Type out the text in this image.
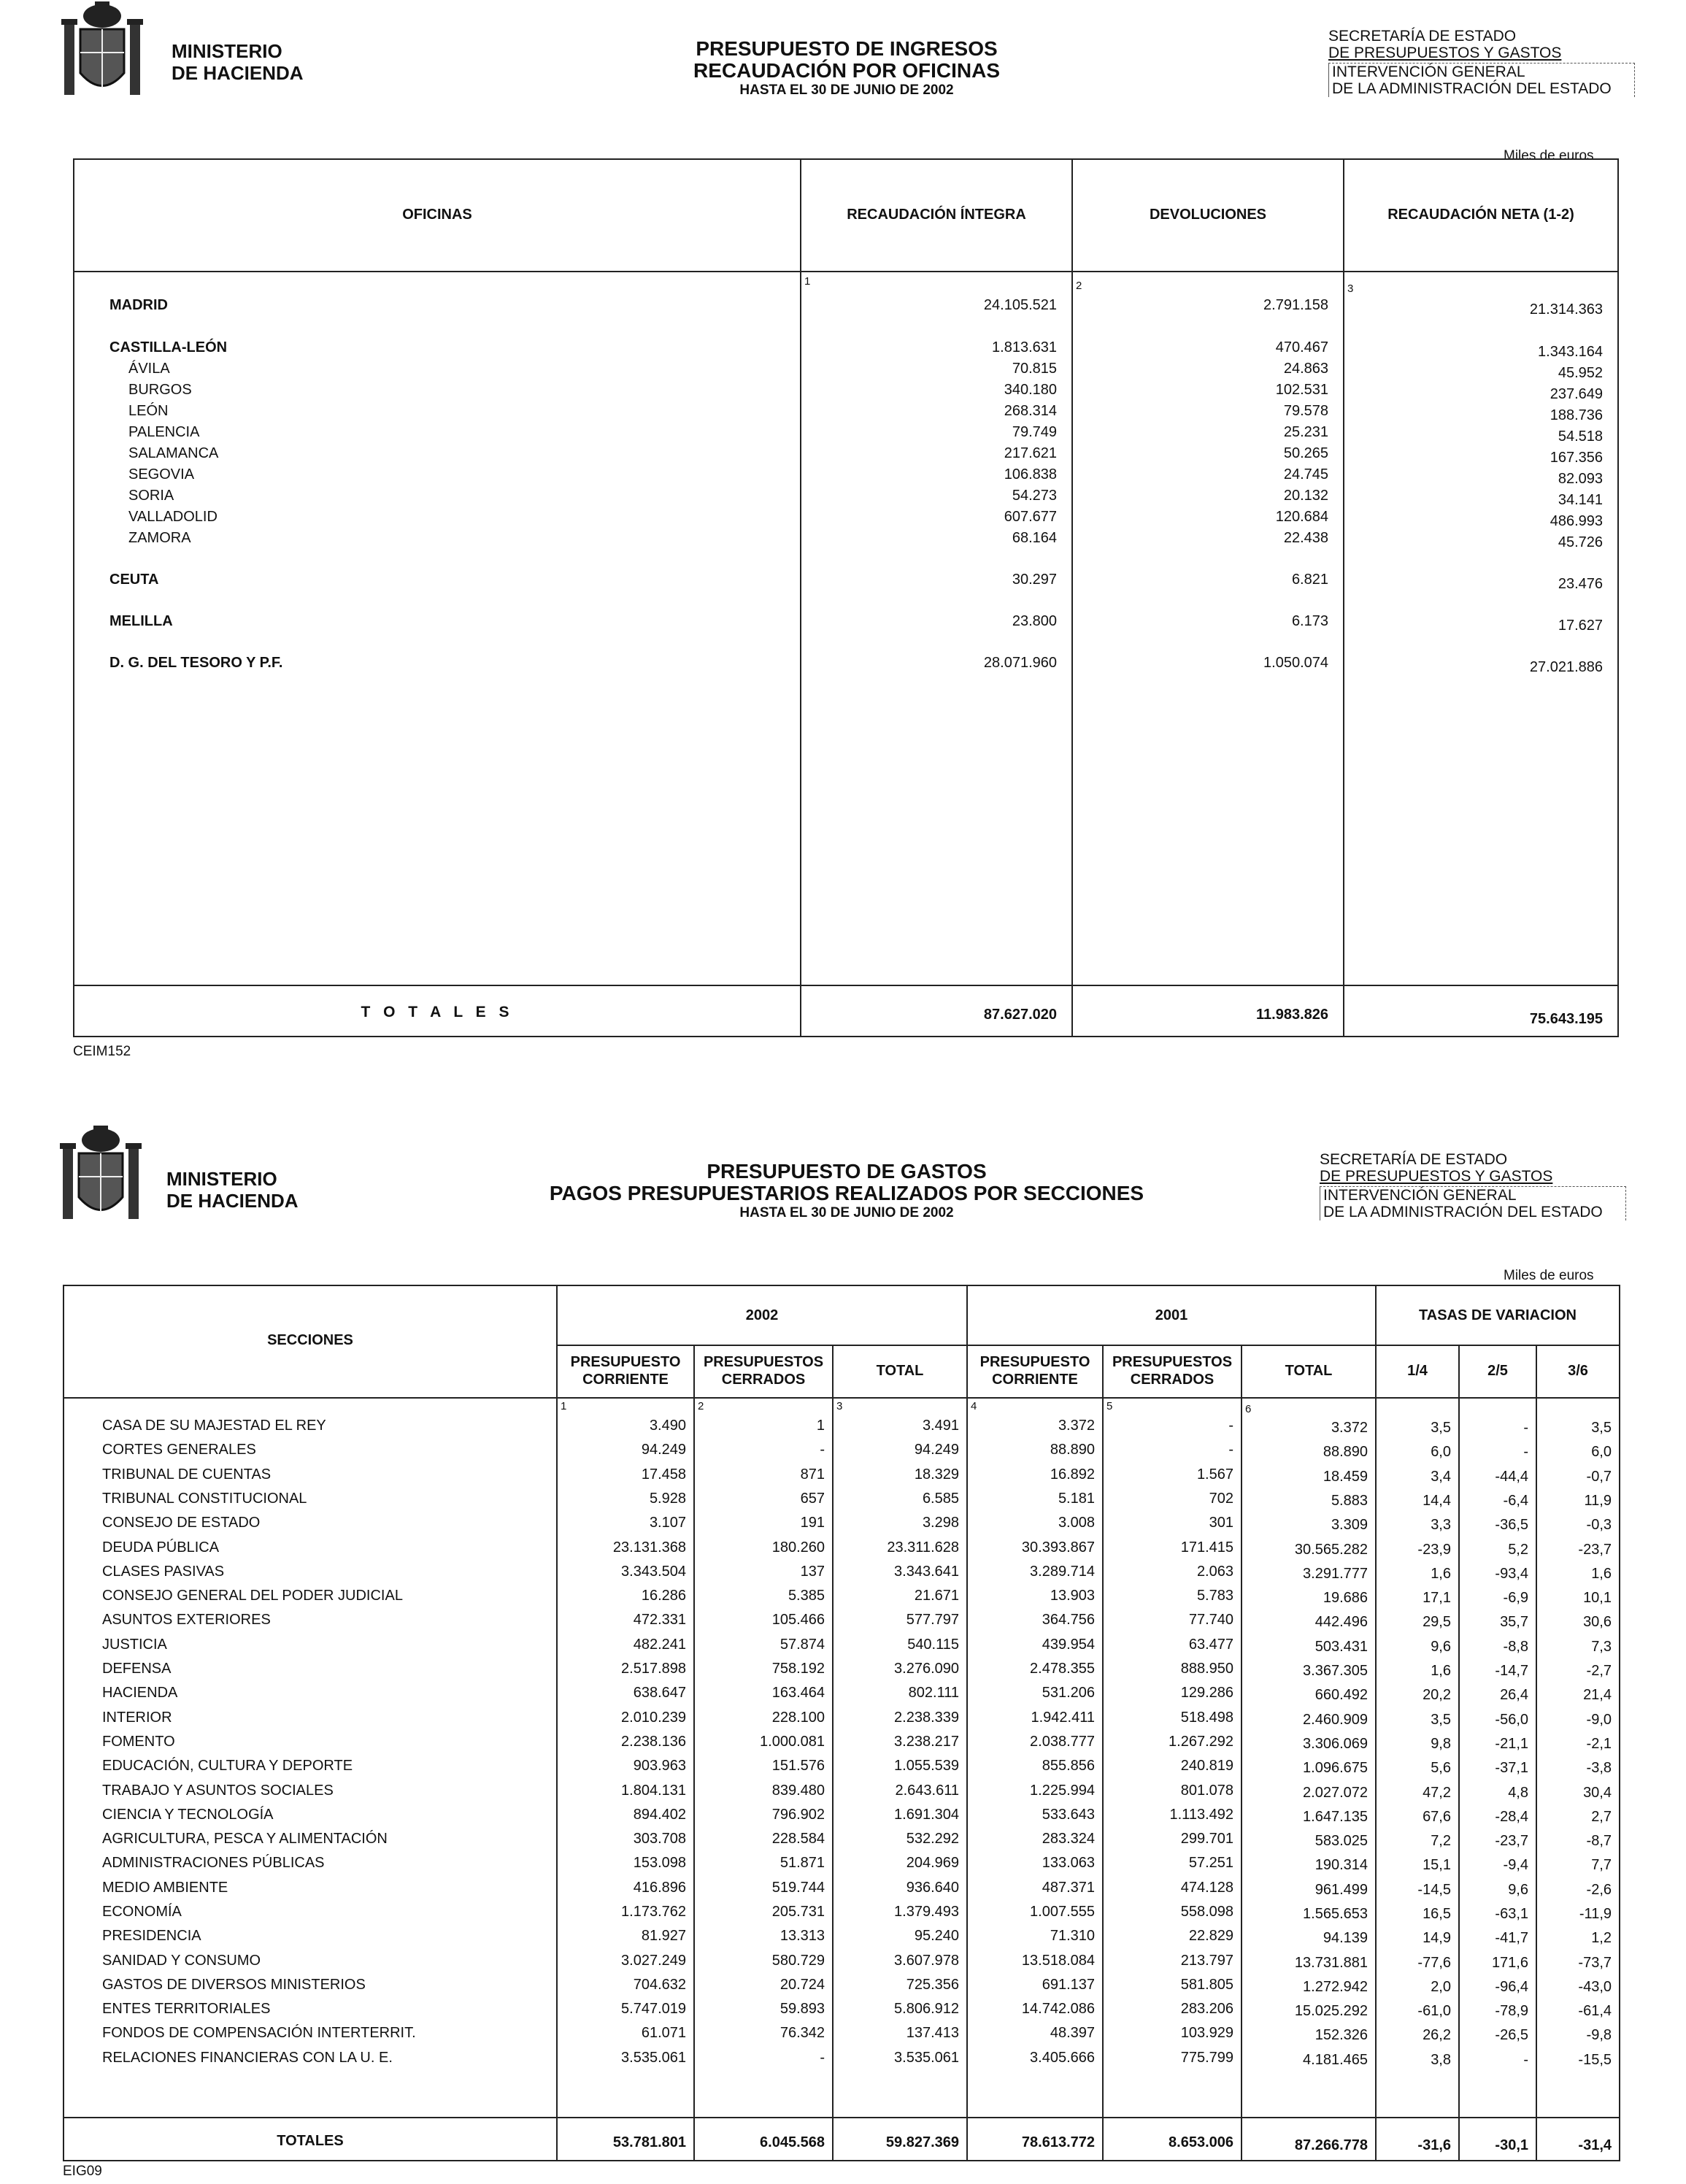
MINISTERIO
DE HACIENDA
PRESUPUESTO DE INGRESOS
RECAUDACIÓN POR OFICINAS
HASTA EL 30 DE JUNIO DE 2002
SECRETARÍA DE ESTADO
DE PRESUPUESTOS Y GASTOS
INTERVENCIÓN GENERAL
DE LA ADMINISTRACIÓN DEL ESTADO
Miles de euros
OFICINAS	RECAUDACIÓN ÍNTEGRA	DEVOLUCIONES	RECAUDACIÓN NETA (1-2)
1	2	3
MADRID	24.105.521	2.791.158	21.314.363
CASTILLA-LEÓN	1.813.631	470.467	1.343.164
ÁVILA	70.815	24.863	45.952
BURGOS	340.180	102.531	237.649
LEÓN	268.314	79.578	188.736
PALENCIA	79.749	25.231	54.518
SALAMANCA	217.621	50.265	167.356
SEGOVIA	106.838	24.745	82.093
SORIA	54.273	20.132	34.141
VALLADOLID	607.677	120.684	486.993
ZAMORA	68.164	22.438	45.726
CEUTA	30.297	6.821	23.476
MELILLA	23.800	6.173	17.627
D. G. DEL TESORO Y P.F.	28.071.960	1.050.074	27.021.886
T O T A L E S	87.627.020	11.983.826	75.643.195
CEIM152
MINISTERIO
DE HACIENDA
PRESUPUESTO DE GASTOS
PAGOS PRESUPUESTARIOS REALIZADOS POR SECCIONES
HASTA EL 30 DE JUNIO DE 2002
SECRETARÍA DE ESTADO
DE PRESUPUESTOS Y GASTOS
INTERVENCIÓN GENERAL
DE LA ADMINISTRACIÓN DEL ESTADO
Miles de euros
SECCIONES
2002	2001	TASAS DE VARIACION
PRESUPUESTO CORRIENTE
PRESUPUESTOS CERRADOS
TOTAL
PRESUPUESTO CORRIENTE
PRESUPUESTOS CERRADOS
TOTAL	1/4	2/5	3/6
1	2	3	4	5	6
CASA DE SU MAJESTAD EL REY	3.490	1	3.491	3.372	-	3.372	3,5	-	3,5
CORTES GENERALES	94.249	-	94.249	88.890	-	88.890	6,0	-	6,0
TRIBUNAL DE CUENTAS	17.458	871	18.329	16.892	1.567	18.459	3,4	-44,4	-0,7
TRIBUNAL CONSTITUCIONAL	5.928	657	6.585	5.181	702	5.883	14,4	-6,4	11,9
CONSEJO DE ESTADO	3.107	191	3.298	3.008	301	3.309	3,3	-36,5	-0,3
DEUDA PÚBLICA	23.131.368	180.260	23.311.628	30.393.867	171.415	30.565.282	-23,9	5,2	-23,7
CLASES PASIVAS	3.343.504	137	3.343.641	3.289.714	2.063	3.291.777	1,6	-93,4	1,6
CONSEJO GENERAL DEL PODER JUDICIAL	16.286	5.385	21.671	13.903	5.783	19.686	17,1	-6,9	10,1
ASUNTOS EXTERIORES	472.331	105.466	577.797	364.756	77.740	442.496	29,5	35,7	30,6
JUSTICIA	482.241	57.874	540.115	439.954	63.477	503.431	9,6	-8,8	7,3
DEFENSA	2.517.898	758.192	3.276.090	2.478.355	888.950	3.367.305	1,6	-14,7	-2,7
HACIENDA	638.647	163.464	802.111	531.206	129.286	660.492	20,2	26,4	21,4
INTERIOR	2.010.239	228.100	2.238.339	1.942.411	518.498	2.460.909	3,5	-56,0	-9,0
FOMENTO	2.238.136	1.000.081	3.238.217	2.038.777	1.267.292	3.306.069	9,8	-21,1	-2,1
EDUCACIÓN, CULTURA Y DEPORTE	903.963	151.576	1.055.539	855.856	240.819	1.096.675	5,6	-37,1	-3,8
TRABAJO Y ASUNTOS SOCIALES	1.804.131	839.480	2.643.611	1.225.994	801.078	2.027.072	47,2	4,8	30,4
CIENCIA Y TECNOLOGÍA	894.402	796.902	1.691.304	533.643	1.113.492	1.647.135	67,6	-28,4	2,7
AGRICULTURA, PESCA Y ALIMENTACIÓN	303.708	228.584	532.292	283.324	299.701	583.025	7,2	-23,7	-8,7
ADMINISTRACIONES PÚBLICAS	153.098	51.871	204.969	133.063	57.251	190.314	15,1	-9,4	7,7
MEDIO AMBIENTE	416.896	519.744	936.640	487.371	474.128	961.499	-14,5	9,6	-2,6
ECONOMÍA	1.173.762	205.731	1.379.493	1.007.555	558.098	1.565.653	16,5	-63,1	-11,9
PRESIDENCIA	81.927	13.313	95.240	71.310	22.829	94.139	14,9	-41,7	1,2
SANIDAD Y CONSUMO	3.027.249	580.729	3.607.978	13.518.084	213.797	13.731.881	-77,6	171,6	-73,7
GASTOS DE DIVERSOS MINISTERIOS	704.632	20.724	725.356	691.137	581.805	1.272.942	2,0	-96,4	-43,0
ENTES TERRITORIALES	5.747.019	59.893	5.806.912	14.742.086	283.206	15.025.292	-61,0	-78,9	-61,4
FONDOS DE COMPENSACIÓN INTERTERRIT.	61.071	76.342	137.413	48.397	103.929	152.326	26,2	-26,5	-9,8
RELACIONES FINANCIERAS CON LA U. E.	3.535.061	-	3.535.061	3.405.666	775.799	4.181.465	3,8	-	-15,5
TOTALES	53.781.801	6.045.568	59.827.369	78.613.772	8.653.006	87.266.778	-31,6	-30,1	-31,4
EIG09
